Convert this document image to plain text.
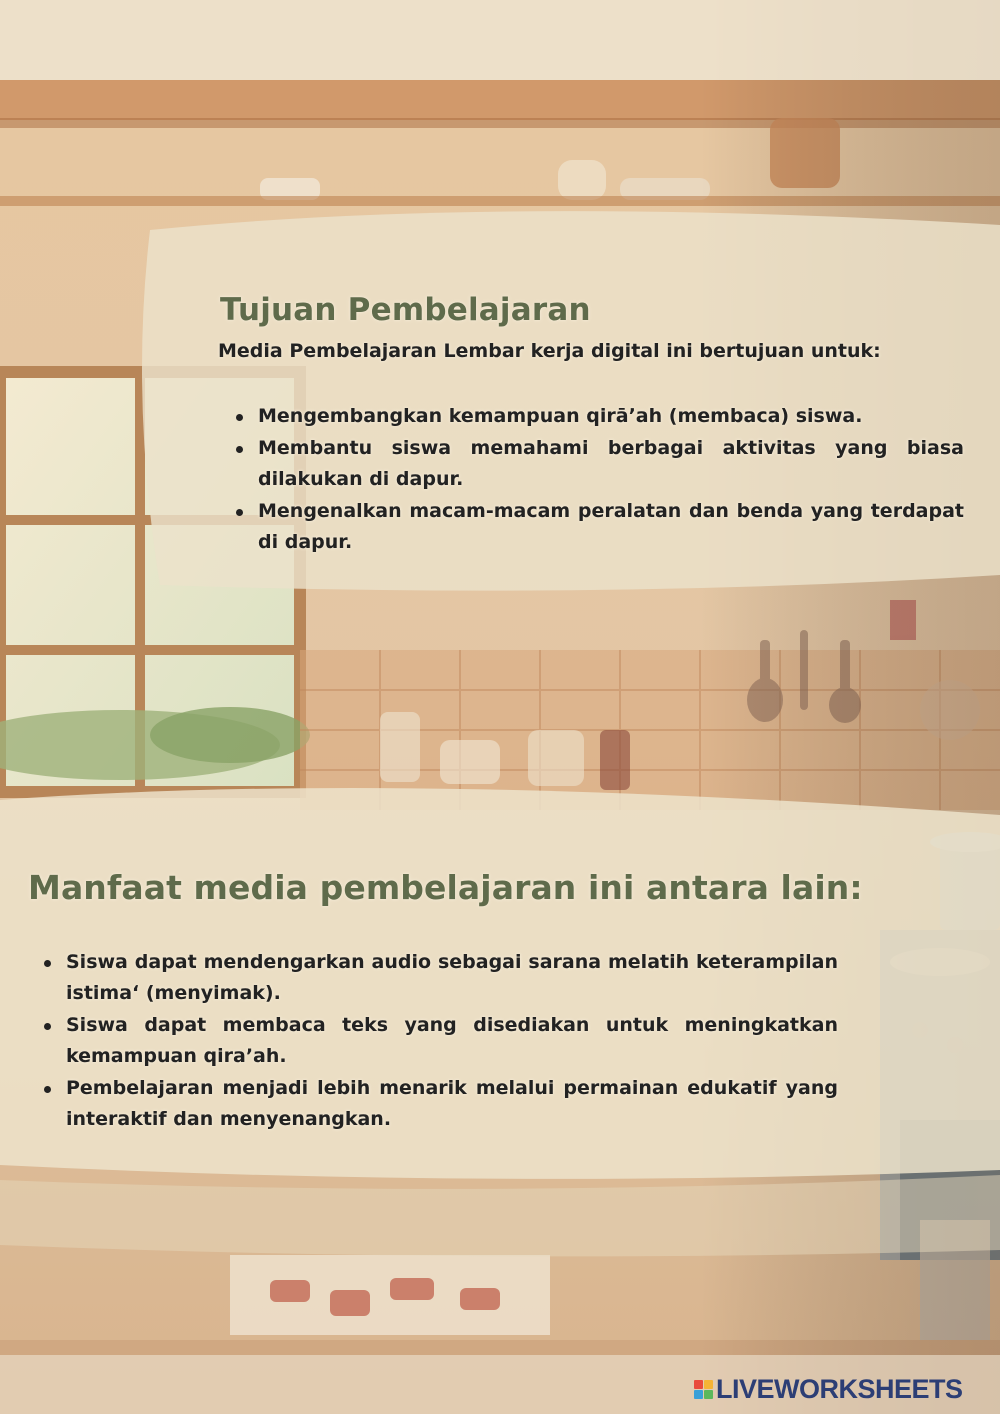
Tujuan Pembelajaran

Media Pembelajaran Lembar kerja digital ini bertujuan untuk:

Mengembangkan kemampuan qirāʼah (membaca) siswa.
Membantu siswa memahami berbagai aktivitas yang biasa dilakukan di dapur.
Mengenalkan macam-macam peralatan dan benda yang terdapat di dapur.
Manfaat media pembelajaran ini antara lain:
Siswa dapat mendengarkan audio sebagai sarana melatih keterampilan istimaʻ (menyimak).
Siswa dapat membaca teks yang disediakan untuk meningkatkan kemampuan qira’ah.
Pembelajaran menjadi lebih menarik melalui permainan edukatif yang interaktif dan menyenangkan.
LIVEWORKSHEETS
